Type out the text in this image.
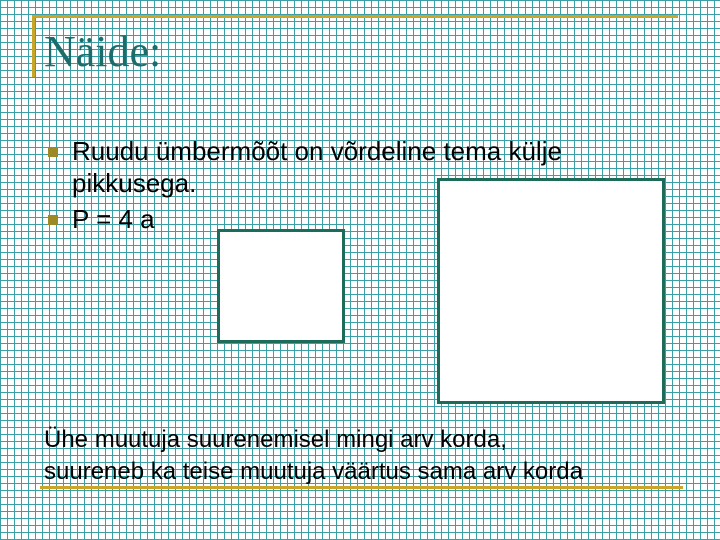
Näide:
Ruudu ümbermõõt on võrdeline tema külje pikkusega.
P = 4 a
Ühe muutuja suurenemisel mingi arv korda,
suureneb ka teise muutuja väärtus sama arv korda
